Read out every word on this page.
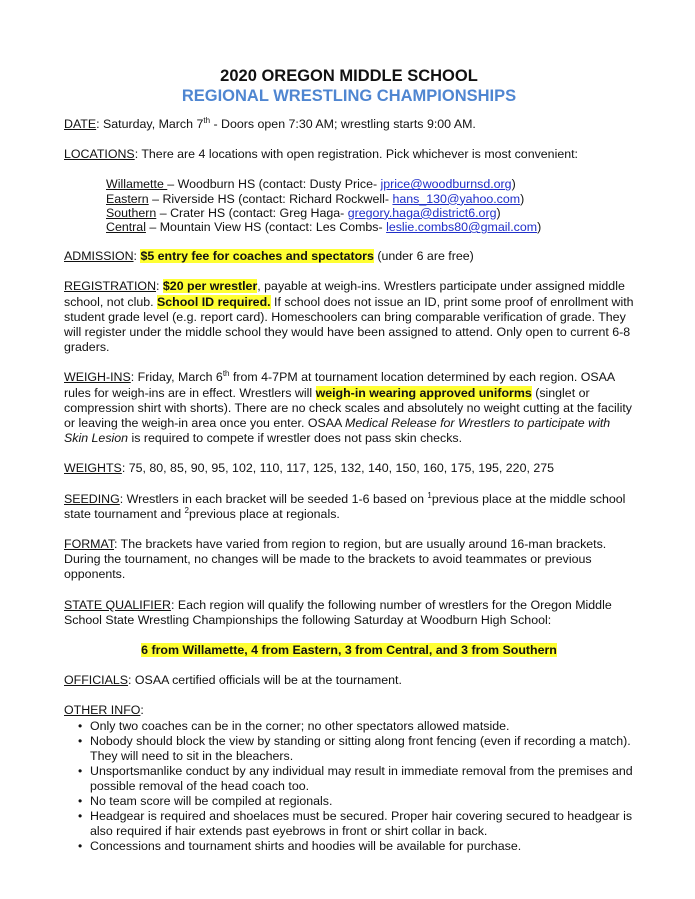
2020 OREGON MIDDLE SCHOOL
REGIONAL WRESTLING CHAMPIONSHIPS

DATE: Saturday, March 7th - Doors open 7:30 AM; wrestling starts 9:00 AM.

LOCATIONS: There are 4 locations with open registration. Pick whichever is most convenient:

Willamette – Woodburn HS (contact: Dusty Price- jprice@woodburnsd.org)

Eastern – Riverside HS (contact: Richard Rockwell- hans_130@yahoo.com)

Southern – Crater HS (contact: Greg Haga- gregory.haga@district6.org)

Central – Mountain View HS (contact: Les Combs- leslie.combs80@gmail.com)

ADMISSION: $5 entry fee for coaches and spectators (under 6 are free)

REGISTRATION: $20 per wrestler, payable at weigh-ins. Wrestlers participate under assigned middle school, not club. School ID required. If school does not issue an ID, print some proof of enrollment with student grade level (e.g. report card). Homeschoolers can bring comparable verification of grade. They will register under the middle school they would have been assigned to attend. Only open to current 6-8 graders.

WEIGH-INS: Friday, March 6th from 4-7PM at tournament location determined by each region. OSAA rules for weigh-ins are in effect. Wrestlers will weigh-in wearing approved uniforms (singlet or compression shirt with shorts). There are no check scales and absolutely no weight cutting at the facility or leaving the weigh-in area once you enter. OSAA Medical Release for Wrestlers to participate with Skin Lesion is required to compete if wrestler does not pass skin checks.

WEIGHTS: 75, 80, 85, 90, 95, 102, 110, 117, 125, 132, 140, 150, 160, 175, 195, 220, 275

SEEDING: Wrestlers in each bracket will be seeded 1-6 based on $^1$previous place at the middle school state tournament and $^2$previous place at regionals.

FORMAT: The brackets have varied from region to region, but are usually around 16-man brackets. During the tournament, no changes will be made to the brackets to avoid teammates or previous opponents.

STATE QUALIFIER: Each region will qualify the following number of wrestlers for the Oregon Middle School State Wrestling Championships the following Saturday at Woodburn High School:

6 from Willamette, 4 from Eastern, 3 from Central, and 3 from Southern

OFFICIALS: OSAA certified officials will be at the tournament.

OTHER INFO:

• Only two coaches can be in the corner; no other spectators allowed matside.
• Nobody should block the view by standing or sitting along front fencing (even if recording a match). They will need to sit in the bleachers.
• Unsportsmanlike conduct by any individual may result in immediate removal from the premises and possible removal of the head coach too.
• No team score will be compiled at regionals.
• Headgear is required and shoelaces must be secured. Proper hair covering secured to headgear is also required if hair extends past eyebrows in front or shirt collar in back.
• Concessions and tournament shirts and hoodies will be available for purchase.
